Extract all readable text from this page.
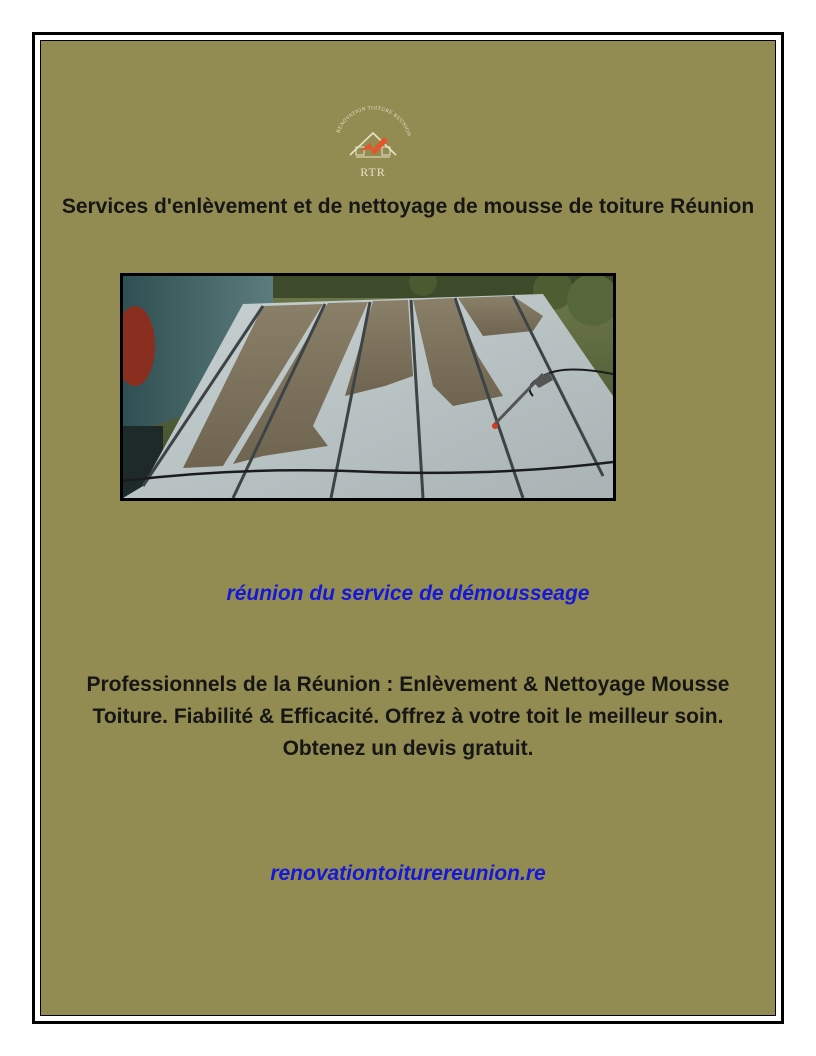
RENOVATION TOITURE REUNION
RTR
Services d'enlèvement et de nettoyage de mousse de toiture Réunion
réunion du service de démousseage
Professionnels de la Réunion : Enlèvement & Nettoyage Mousse Toiture. Fiabilité & Efficacité. Offrez à votre toit le meilleur soin. Obtenez un devis gratuit.
renovationtoiturereunion.re
